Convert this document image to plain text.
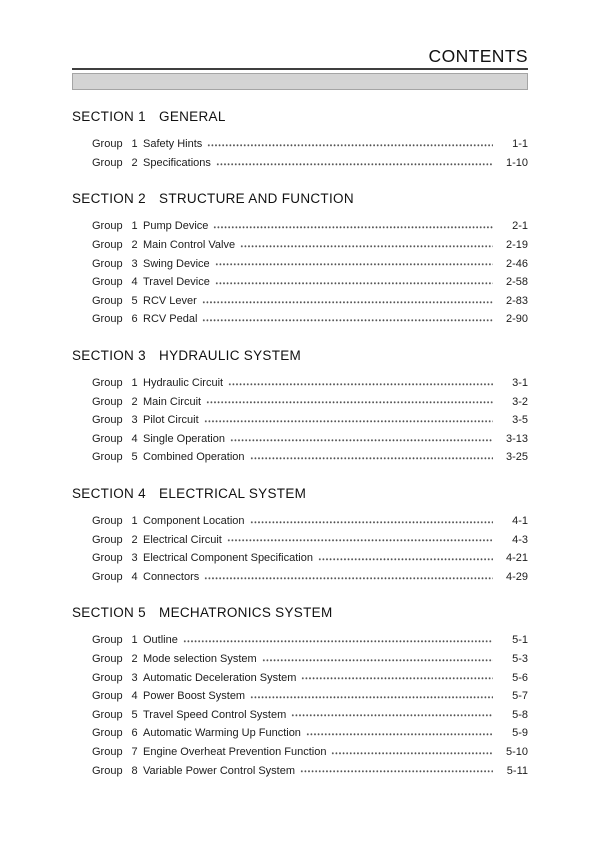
CONTENTS
SECTION 1 GENERAL
Group 1 Safety Hints	1-1
Group 2 Specifications	1-10
SECTION 2 STRUCTURE AND FUNCTION
Group 1 Pump Device	2-1
Group 2 Main Control Valve	2-19
Group 3 Swing Device	2-46
Group 4 Travel Device	2-58
Group 5 RCV Lever	2-83
Group 6 RCV Pedal	2-90
SECTION 3 HYDRAULIC SYSTEM
Group 1 Hydraulic Circuit	3-1
Group 2 Main Circuit	3-2
Group 3 Pilot Circuit	3-5
Group 4 Single Operation	3-13
Group 5 Combined Operation	3-25
SECTION 4 ELECTRICAL SYSTEM
Group 1 Component Location	4-1
Group 2 Electrical Circuit	4-3
Group 3 Electrical Component Specification	4-21
Group 4 Connectors	4-29
SECTION 5 MECHATRONICS SYSTEM
Group 1 Outline	5-1
Group 2 Mode selection System	5-3
Group 3 Automatic Deceleration System	5-6
Group 4 Power Boost System	5-7
Group 5 Travel Speed Control System	5-8
Group 6 Automatic Warming Up Function	5-9
Group 7 Engine Overheat Prevention Function	5-10
Group 8 Variable Power Control System	5-11
